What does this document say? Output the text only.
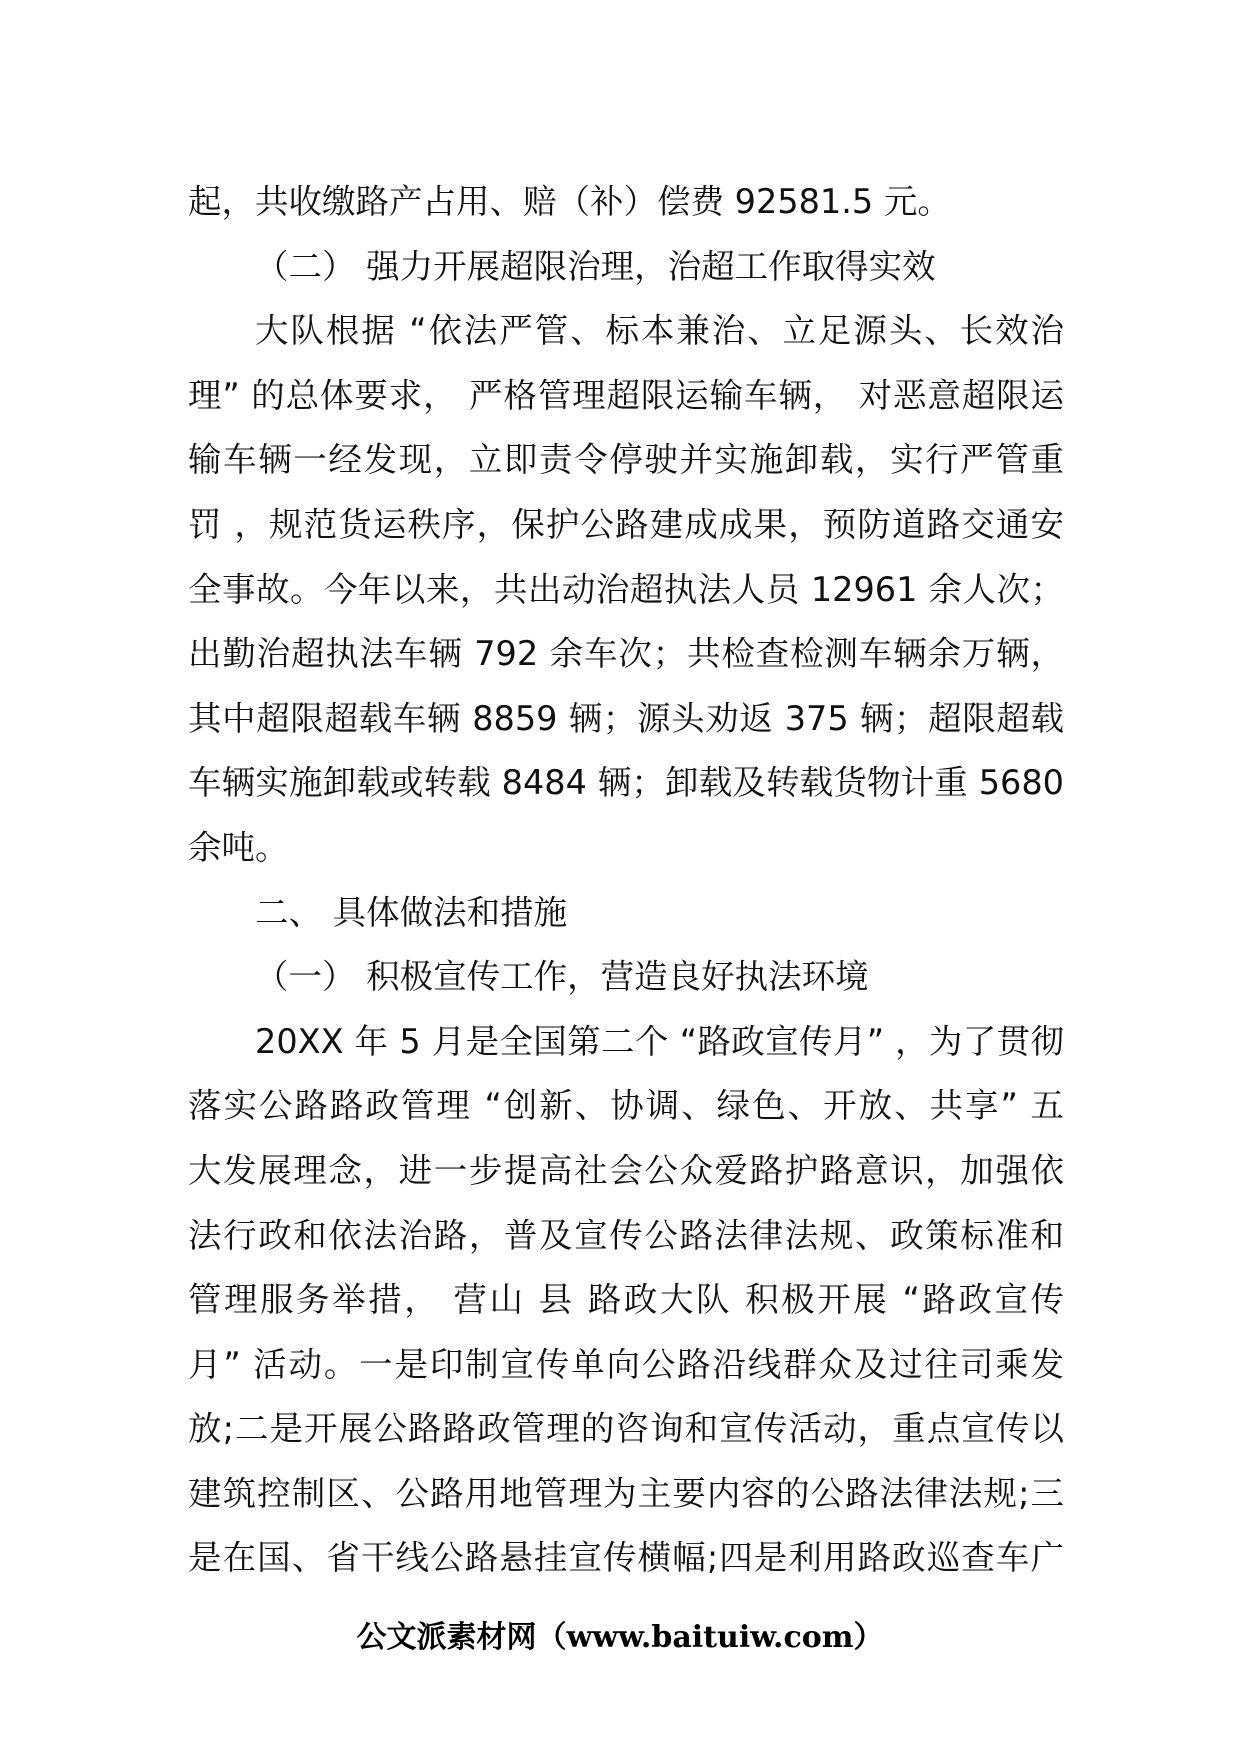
起，共收缴路产占用、赔（补）偿费 92581.5 元。
（二） 强力开展超限治理，治超工作取得实效
大队根据 “依法严管、标本兼治、立足源头、长效治
理” 的总体要求， 严格管理超限运输车辆， 对恶意超限运
输车辆一经发现，立即责令停驶并实施卸载，实行严管重
罚 ，规范货运秩序，保护公路建成成果，预防道路交通安
全事故。今年以来，共出动治超执法人员 12961 余人次；
出勤治超执法车辆 792 余车次；共检查检测车辆余万辆，
其中超限超载车辆 8859 辆；源头劝返 375 辆；超限超载
车辆实施卸载或转载 8484 辆；卸载及转载货物计重 5680
余吨。
二、 具体做法和措施
（一） 积极宣传工作，营造良好执法环境
20XX 年 5 月是全国第二个 “路政宣传月” ，为了贯彻
落实公路路政管理 “创新、协调、绿色、开放、共享” 五
大发展理念，进一步提高社会公众爱路护路意识，加强依
法行政和依法治路，普及宣传公路法律法规、政策标准和
管理服务举措， 营山 县 路政大队 积极开展 “路政宣传
月” 活动。一是印制宣传单向公路沿线群众及过往司乘发
放;二是开展公路路政管理的咨询和宣传活动，重点宣传以
建筑控制区、公路用地管理为主要内容的公路法律法规;三
是在国、省干线公路悬挂宣传横幅;四是利用路政巡查车广
公文派素材网（www.baituiw.com）
